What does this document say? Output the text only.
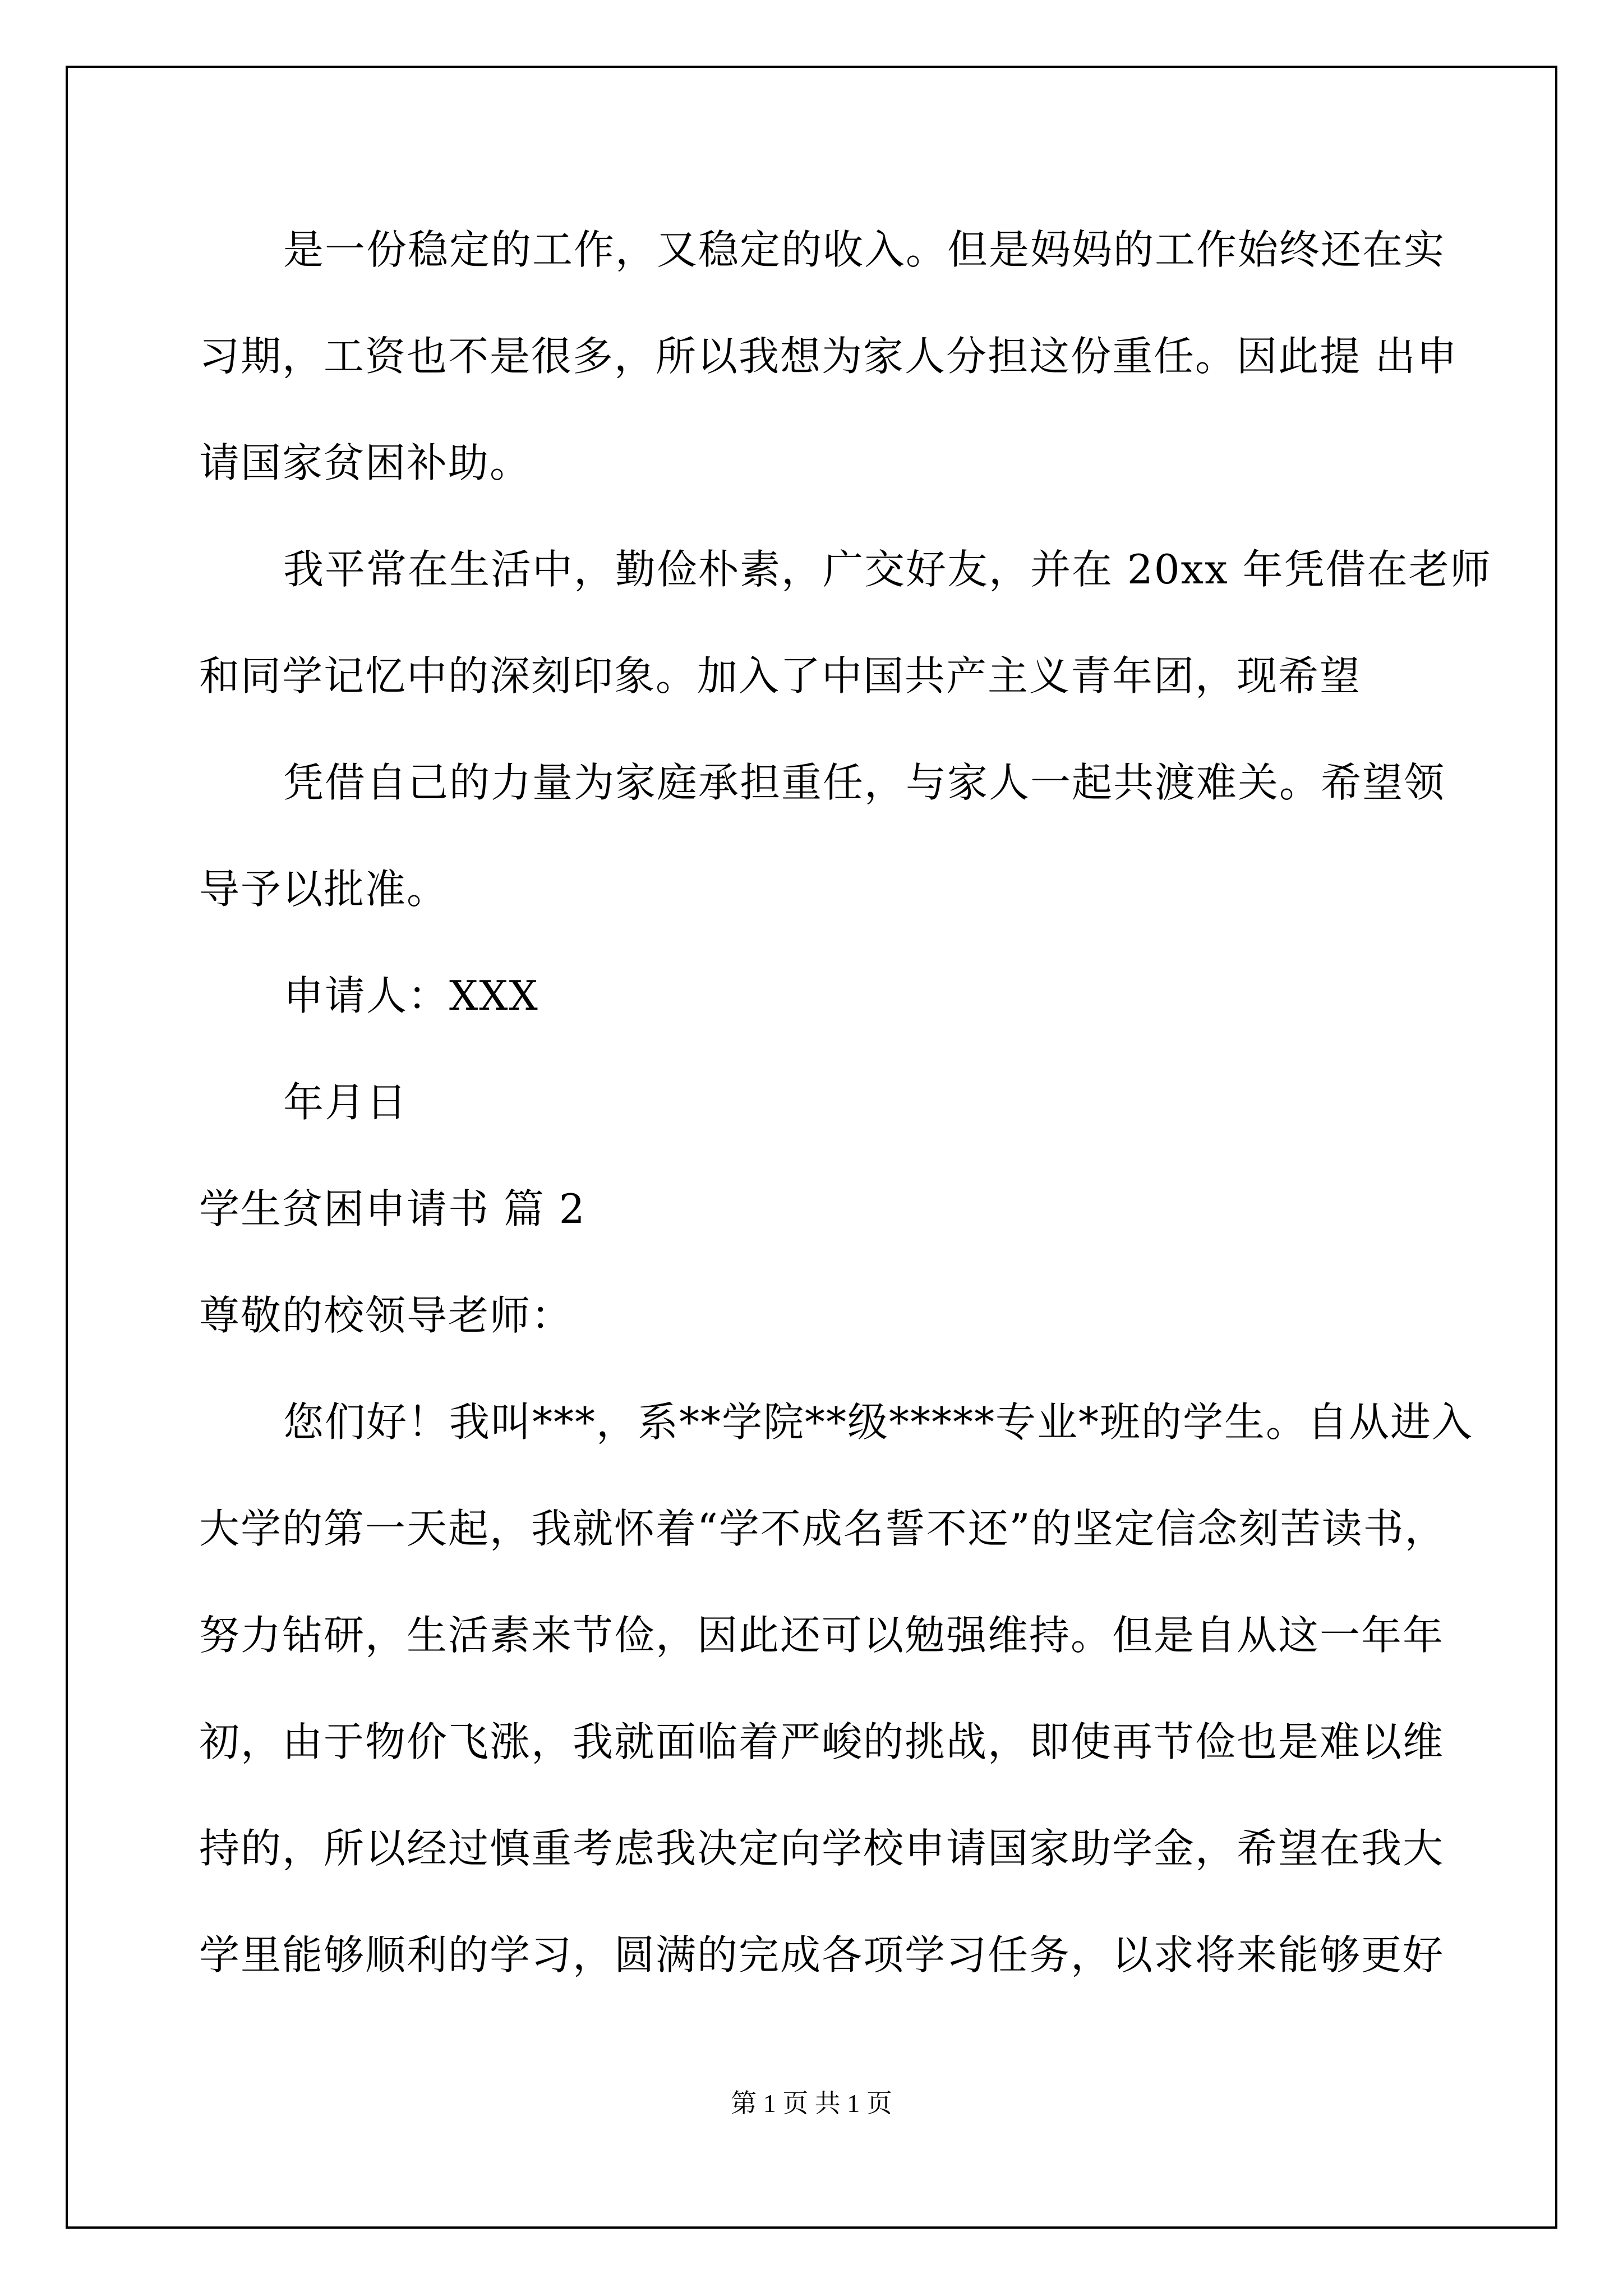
是一份稳定的工作，又稳定的收入。但是妈妈的工作始终还在实
习期，工资也不是很多，所以我想为家人分担这份重任。因此提 出申
请国家贫困补助。
我平常在生活中，勤俭朴素，广交好友，并在 20xx 年凭借在老师
和同学记忆中的深刻印象。加入了中国共产主义青年团，现希望
凭借自己的力量为家庭承担重任，与家人一起共渡难关。希望领
导予以批准。
申请人：XXX
年月日
学生贫困申请书 篇 2
尊敬的校领导老师：
您们好！我叫***，系**学院**级*****专业*班的学生。自从进入
大学的第一天起，我就怀着“学不成名誓不还”的坚定信念刻苦读书，
努力钻研，生活素来节俭，因此还可以勉强维持。但是自从这一年年
初，由于物价飞涨，我就面临着严峻的挑战，即使再节俭也是难以维
持的，所以经过慎重考虑我决定向学校申请国家助学金，希望在我大
学里能够顺利的学习，圆满的完成各项学习任务，以求将来能够更好
第 1 页 共 1 页
